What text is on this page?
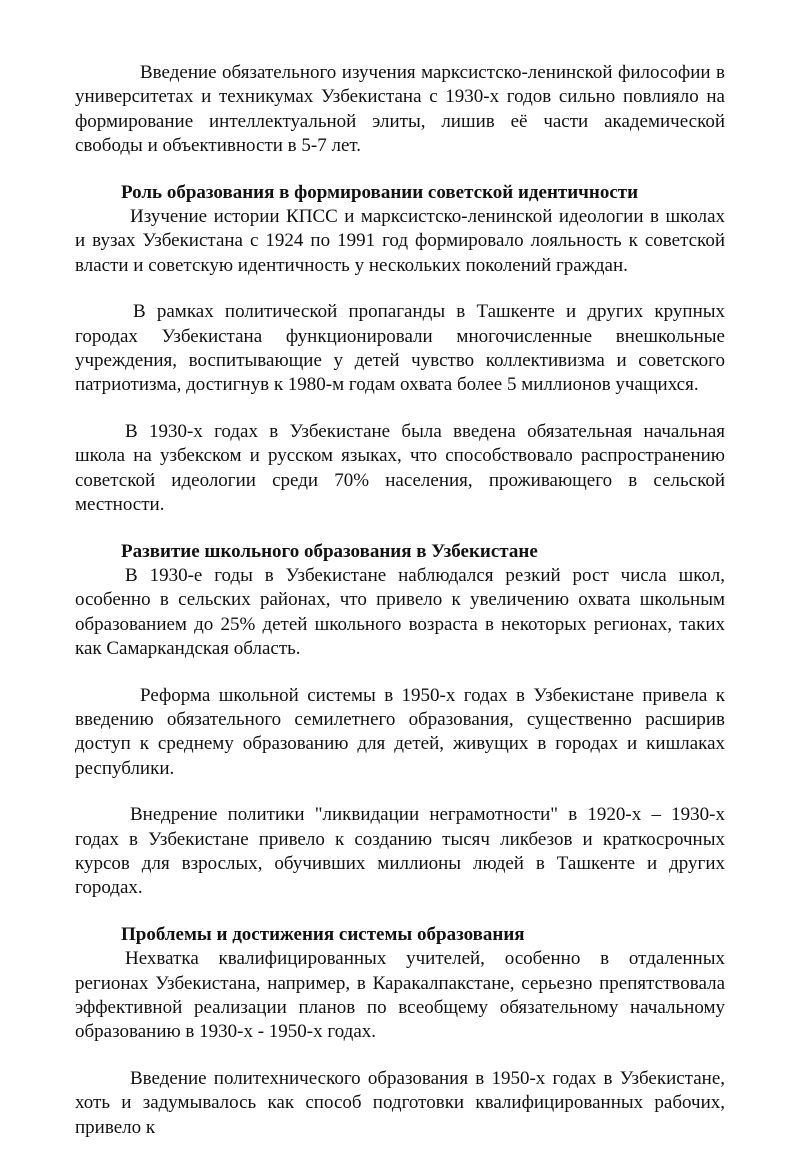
Введение обязательного изучения марксистско-ленинской философии в университетах и техникумах Узбекистана с 1930-х годов сильно повлияло на формирование интеллектуальной элиты, лишив её части академической свободы и объективности в 5-7 лет.

Роль образования в формировании советской идентичности

Изучение истории КПСС и марксистско-ленинской идеологии в школах и вузах Узбекистана с 1924 по 1991 год формировало лояльность к советской власти и советскую идентичность у нескольких поколений граждан.

В рамках политической пропаганды в Ташкенте и других крупных городах Узбекистана функционировали многочисленные внешкольные учреждения, воспитывающие у детей чувство коллективизма и советского патриотизма, достигнув к 1980-м годам охвата более 5 миллионов учащихся.

В 1930-х годах в Узбекистане была введена обязательная начальная школа на узбекском и русском языках, что способствовало распространению советской идеологии среди 70% населения, проживающего в сельской местности.

Развитие школьного образования в Узбекистане

В 1930-е годы в Узбекистане наблюдался резкий рост числа школ, особенно в сельских районах, что привело к увеличению охвата школьным образованием до 25% детей школьного возраста в некоторых регионах, таких как Самаркандская область.

Реформа школьной системы в 1950-х годах в Узбекистане привела к введению обязательного семилетнего образования, существенно расширив доступ к среднему образованию для детей, живущих в городах и кишлаках республики.

Внедрение политики "ликвидации неграмотности" в 1920-х – 1930-х годах в Узбекистане привело к созданию тысяч ликбезов и краткосрочных курсов для взрослых, обучивших миллионы людей в Ташкенте и других городах.

Проблемы и достижения системы образования

Нехватка квалифицированных учителей, особенно в отдаленных регионах Узбекистана, например, в Каракалпакстане, серьезно препятствовала эффективной реализации планов по всеобщему обязательному начальному образованию в 1930-х - 1950-х годах.

Введение политехнического образования в 1950-х годах в Узбекистане, хоть и задумывалось как способ подготовки квалифицированных рабочих, привело к
